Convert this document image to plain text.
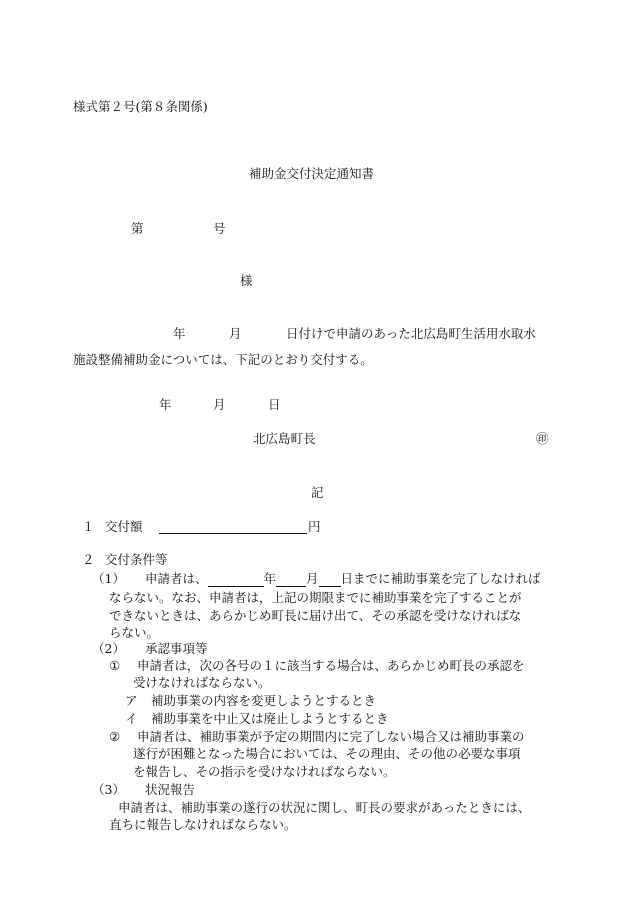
様式第２号(第８条関係)
補助金交付決定通知書
第	号
様
年	月	日付けで申請のあった北広島町生活用水取水
施設整備補助金については、下記のとおり交付する。
年	月	日
北広島町長	㊞
記
１ 交付額	円
２ 交付条件等
（1） 申請者は、	年 月 日までに補助事業を完了しなければ
ならない。なお、申請者は，上記の期限までに補助事業を完了することが
できないときは、あらかじめ町長に届け出て、その承認を受けなければな
らない。
（2） 承認事項等
① 申請者は，次の各号の１に該当する場合は、あらかじめ町長の承認を
受けなければならない。
ア 補助事業の内容を変更しようとするとき
イ 補助事業を中止又は廃止しようとするとき
② 申請者は、補助事業が予定の期間内に完了しない場合又は補助事業の
遂行が困難となった場合においては、その理由、その他の必要な事項
を報告し、その指示を受けなければならない。
（3） 状況報告
申請者は、補助事業の遂行の状況に関し、町長の要求があったときには、
直ちに報告しなければならない。
